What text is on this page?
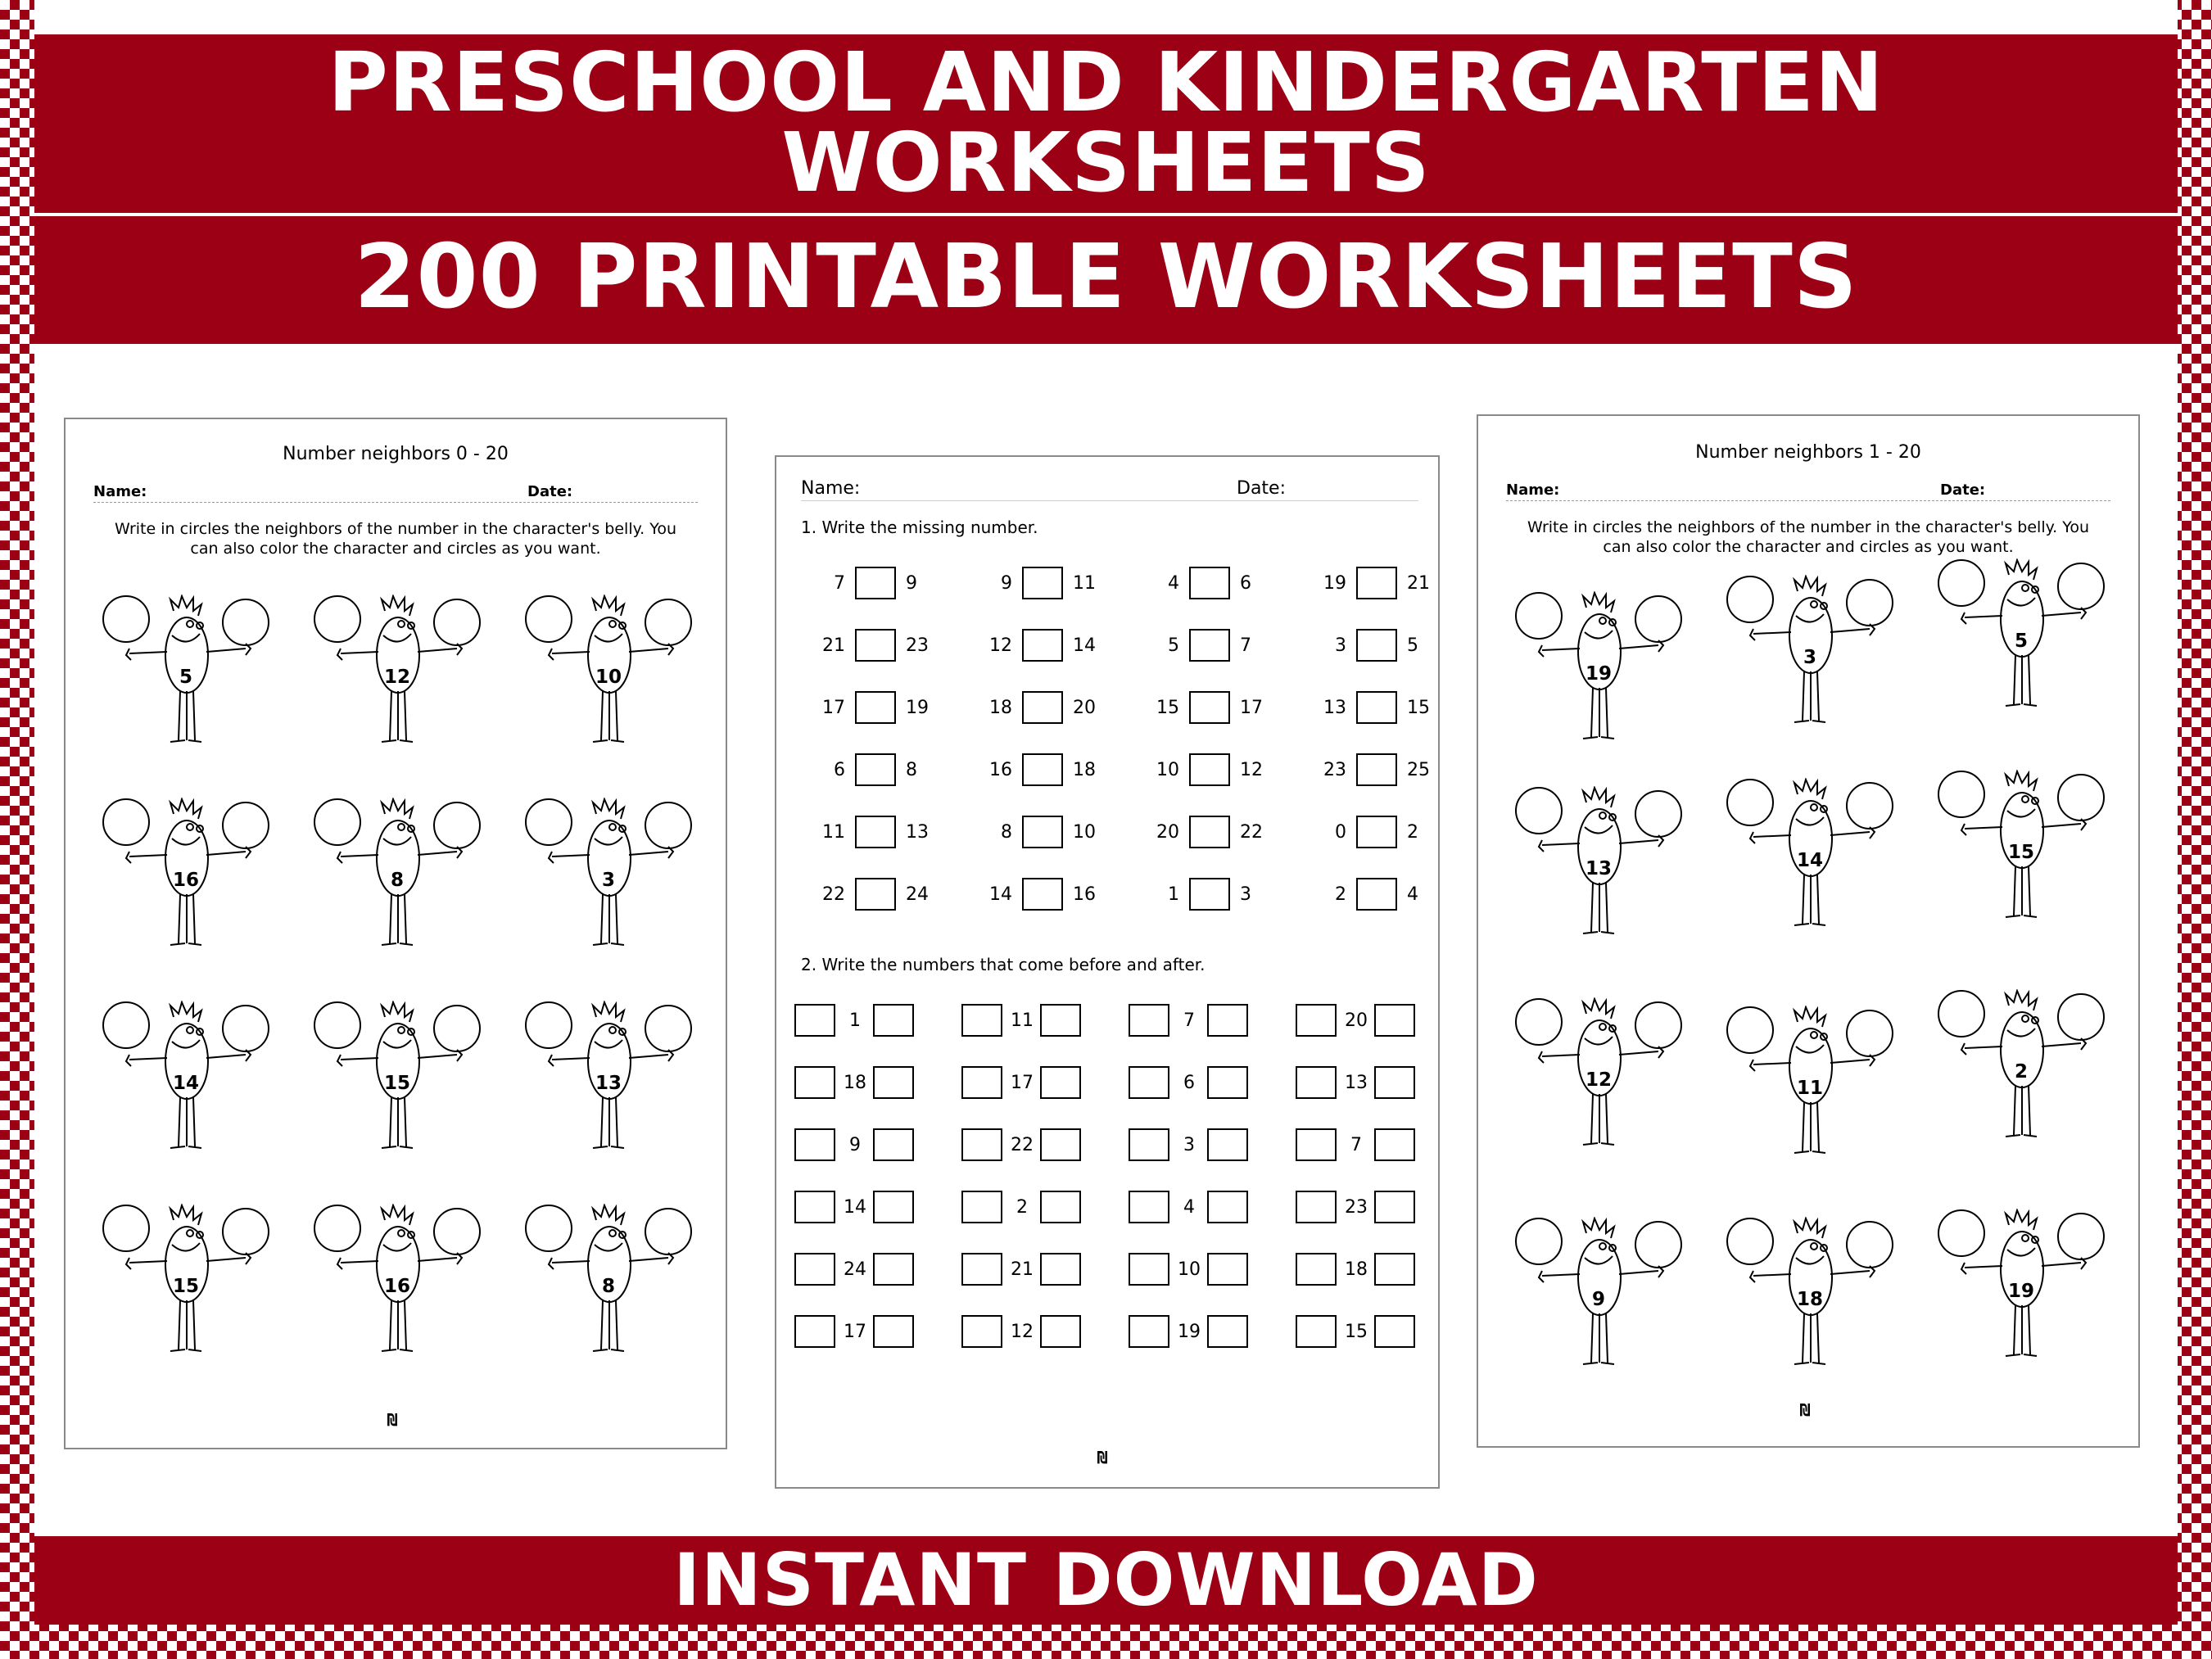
PRESCHOOL AND KINDERGARTEN
WORKSHEETS
200 PRINTABLE WORKSHEETS
Number neighbors 0 - 20
Name:	Date:
Write in circles the neighbors of the number in the character's belly. You can also color the character and circles as you want.
5	12	10
16	8	3
14	15	13
15	16	8
₪
Name:	Date:
1. Write the missing number.
7	9	9	11	4	6	19	21
21	23	12	14	5	7	3	5
17	19	18	20	15	17	13	15
6	8	16	18	10	12	23	25
11	13	8	10	20	22	0	2
22	24	14	16	1	3	2	4
2. Write the numbers that come before and after.
1	11	7	20
18	17	6	13
9	22	3	7
14	2	4	23
24	21	10	18
17	12	19	15
₪
Number neighbors 1 - 20
Name:	Date:
Write in circles the neighbors of the number in the character's belly. You can also color the character and circles as you want.
19
3
5
13	14	15
12	11
2
9	18	19
₪
INSTANT DOWNLOAD
